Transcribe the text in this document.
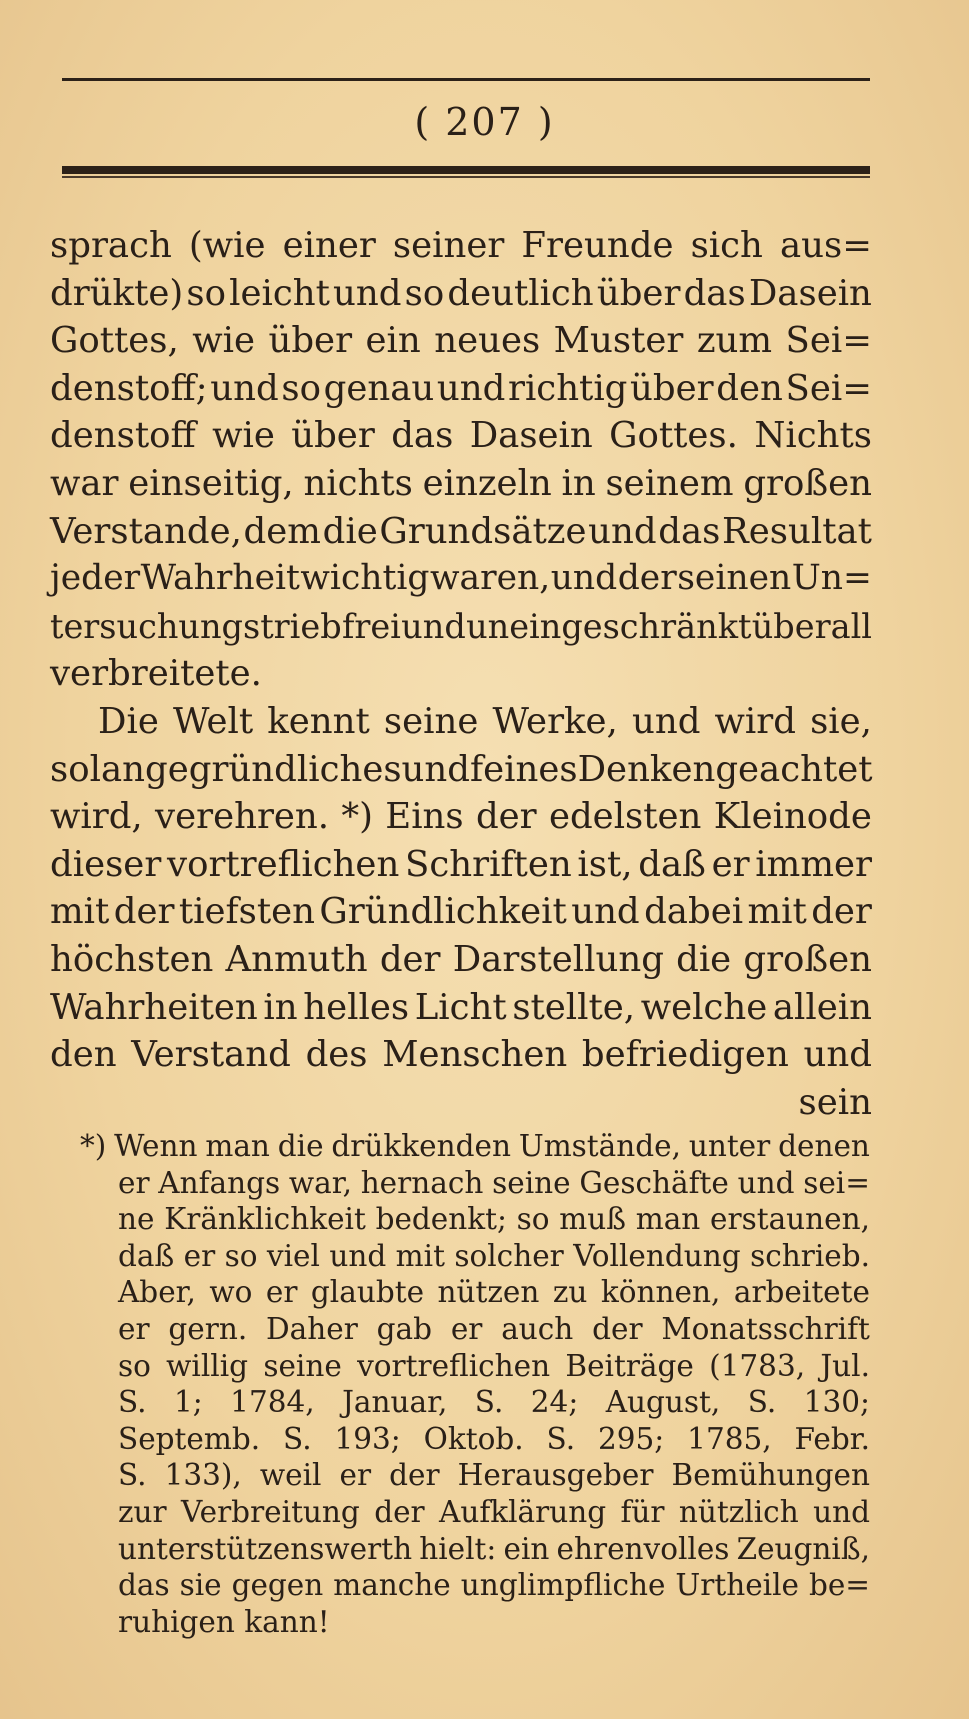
( 207 )
sprach (wie einer seiner Freunde sich aus=
drükte) so leicht und so deutlich über das Dasein
Gottes, wie über ein neues Muster zum Sei=
denstoff; und so genau und richtig über den Sei=
denstoff wie über das Dasein Gottes. Nichts
war einseitig, nichts einzeln in seinem großen
Verstande, dem die Grundsätze und das Resultat
jeder Wahrheit wichtig waren, und der seinen Un=
tersuchungstrieb frei und uneingeschränkt überall
verbreitete.
Die Welt kennt seine Werke, und wird sie,
so lange gründliches und feines Denken geachtet
wird, verehren. *) Eins der edelsten Kleinode
dieser vortreflichen Schriften ist, daß er immer
mit der tiefsten Gründlichkeit und dabei mit der
höchsten Anmuth der Darstellung die großen
Wahrheiten in helles Licht stellte, welche allein
den Verstand des Menschen befriedigen und
sein
*) Wenn man die drükkenden Umstände, unter denen
er Anfangs war, hernach seine Geschäfte und sei=
ne Kränklichkeit bedenkt; so muß man erstaunen,
daß er so viel und mit solcher Vollendung schrieb.
Aber, wo er glaubte nützen zu können, arbeitete
er gern. Daher gab er auch der Monatsschrift
so willig seine vortreflichen Beiträge (1783, Jul.
S. 1; 1784, Januar, S. 24; August, S. 130;
Septemb. S. 193; Oktob. S. 295; 1785, Febr.
S. 133), weil er der Herausgeber Bemühungen
zur Verbreitung der Aufklärung für nützlich und
unterstützenswerth hielt: ein ehrenvolles Zeugniß,
das sie gegen manche unglimpfliche Urtheile be=
ruhigen kann!
